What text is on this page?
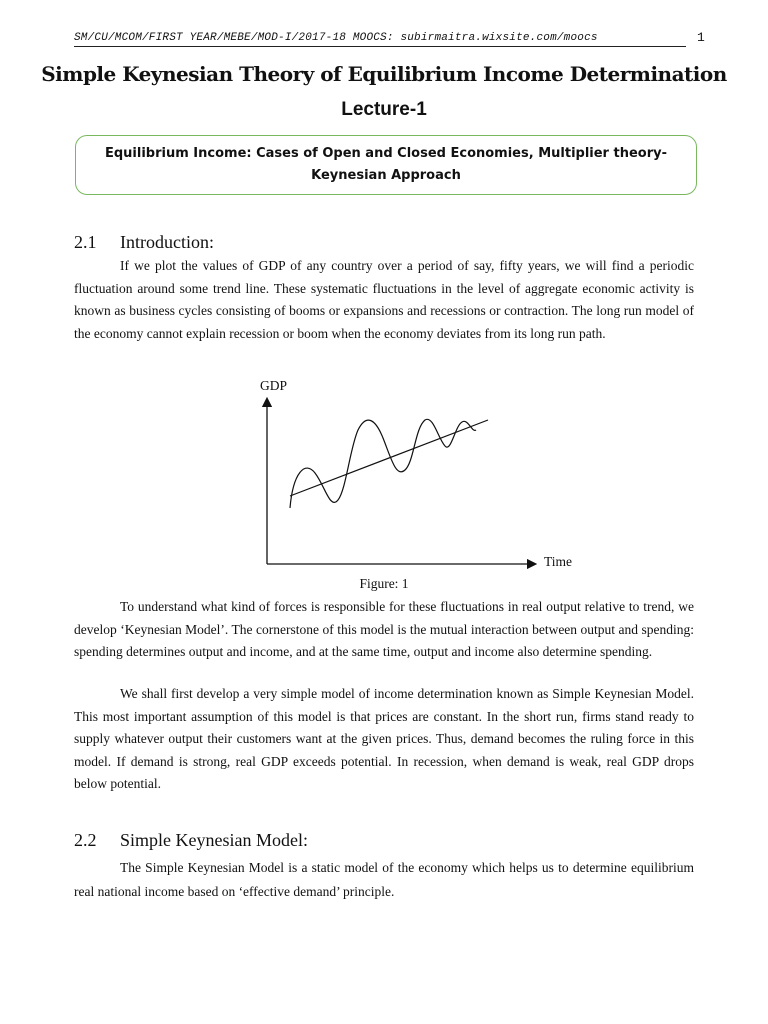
SM/CU/MCOM/FIRST YEAR/MEBE/MOD-I/2017-18 MOOCS: subirmaitra.wixsite.com/moocs	1
Simple Keynesian Theory of Equilibrium Income Determination
Lecture-1
Equilibrium Income: Cases of Open and Closed Economies, Multiplier theory-Keynesian Approach
2.1 Introduction:

If we plot the values of GDP of any country over a period of say, fifty years, we will find a periodic fluctuation around some trend line. These systematic fluctuations in the level of aggregate economic activity is known as business cycles consisting of booms or expansions and recessions or contraction. The long run model of the economy cannot explain recession or boom when the economy deviates from its long run path.

GDP
Time
Figure: 1

To understand what kind of forces is responsible for these fluctuations in real output relative to trend, we develop ‘Keynesian Model’. The cornerstone of this model is the mutual interaction between output and spending: spending determines output and income, and at the same time, output and income also determine spending.

We shall first develop a very simple model of income determination known as Simple Keynesian Model. This most important assumption of this model is that prices are constant. In the short run, firms stand ready to supply whatever output their customers want at the given prices. Thus, demand becomes the ruling force in this model. If demand is strong, real GDP exceeds potential. In recession, when demand is weak, real GDP drops below potential.

2.2 Simple Keynesian Model:

The Simple Keynesian Model is a static model of the economy which helps us to determine equilibrium real national income based on ‘effective demand’ principle.
